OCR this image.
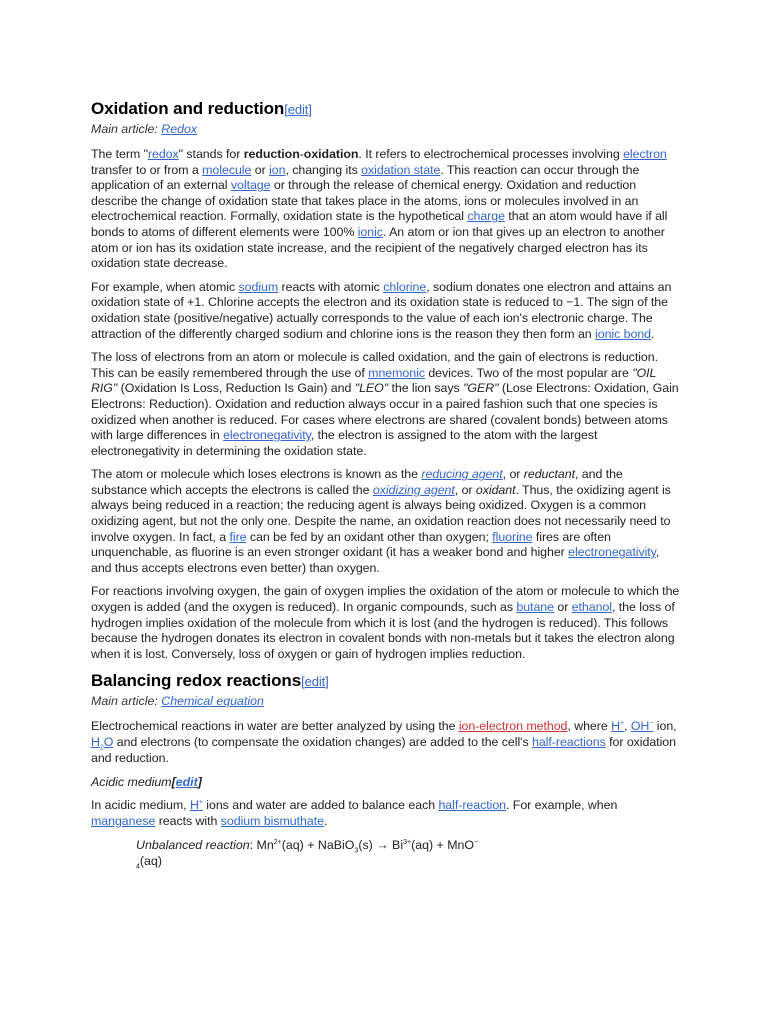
Oxidation and reduction[edit]
Main article: Redox

The term "redox" stands for reduction-oxidation. It refers to electrochemical processes involving electron transfer to or from a molecule or ion, changing its oxidation state. This reaction can occur through the application of an external voltage or through the release of chemical energy. Oxidation and reduction describe the change of oxidation state that takes place in the atoms, ions or molecules involved in an electrochemical reaction. Formally, oxidation state is the hypothetical charge that an atom would have if all bonds to atoms of different elements were 100% ionic. An atom or ion that gives up an electron to another atom or ion has its oxidation state increase, and the recipient of the negatively charged electron has its oxidation state decrease.

For example, when atomic sodium reacts with atomic chlorine, sodium donates one electron and attains an oxidation state of +1. Chlorine accepts the electron and its oxidation state is reduced to −1. The sign of the oxidation state (positive/negative) actually corresponds to the value of each ion's electronic charge. The attraction of the differently charged sodium and chlorine ions is the reason they then form an ionic bond.

The loss of electrons from an atom or molecule is called oxidation, and the gain of electrons is reduction. This can be easily remembered through the use of mnemonic devices. Two of the most popular are "OIL RIG" (Oxidation Is Loss, Reduction Is Gain) and "LEO" the lion says "GER" (Lose Electrons: Oxidation, Gain Electrons: Reduction). Oxidation and reduction always occur in a paired fashion such that one species is oxidized when another is reduced. For cases where electrons are shared (covalent bonds) between atoms with large differences in electronegativity, the electron is assigned to the atom with the largest electronegativity in determining the oxidation state.

The atom or molecule which loses electrons is known as the reducing agent, or reductant, and the substance which accepts the electrons is called the oxidizing agent, or oxidant. Thus, the oxidizing agent is always being reduced in a reaction; the reducing agent is always being oxidized. Oxygen is a common oxidizing agent, but not the only one. Despite the name, an oxidation reaction does not necessarily need to involve oxygen. In fact, a fire can be fed by an oxidant other than oxygen; fluorine fires are often unquenchable, as fluorine is an even stronger oxidant (it has a weaker bond and higher electronegativity, and thus accepts electrons even better) than oxygen.

For reactions involving oxygen, the gain of oxygen implies the oxidation of the atom or molecule to which the oxygen is added (and the oxygen is reduced). In organic compounds, such as butane or ethanol, the loss of hydrogen implies oxidation of the molecule from which it is lost (and the hydrogen is reduced). This follows because the hydrogen donates its electron in covalent bonds with non-metals but it takes the electron along when it is lost. Conversely, loss of oxygen or gain of hydrogen implies reduction.

Balancing redox reactions[edit]
Main article: Chemical equation

Electrochemical reactions in water are better analyzed by using the ion-electron method, where H+, OH− ion, $H_2O$ and electrons (to compensate the oxidation changes) are added to the cell's half-reactions for oxidation and reduction.

Acidic medium[edit]

In acidic medium, H+ ions and water are added to balance each half-reaction. For example, when manganese reacts with sodium bismuthate.

Unbalanced reaction: $Mn^{2+}(aq)$ + NaBiO$_3$(s) → $Bi^{3+}(aq) + MnO^-$
$_4$(aq)
